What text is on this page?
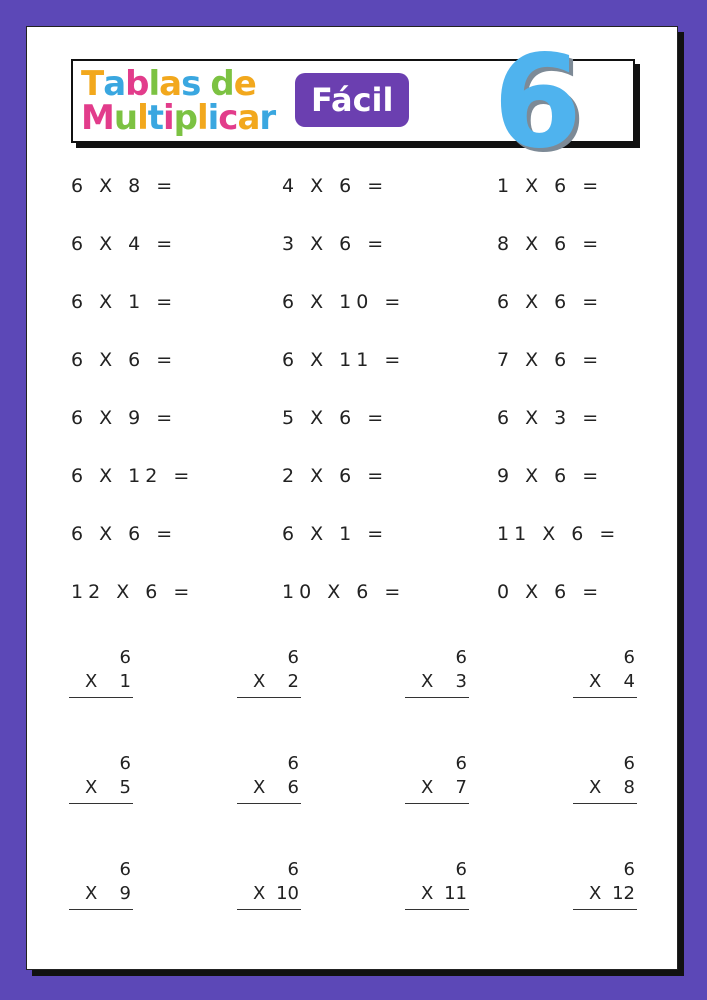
Tablas de
Multiplicar	Fácil 6
6 X 8 =	4 X 6 =	1 X 6 =
6 X 4 =	3 X 6 =	8 X 6 =
6 X 1 =	6 X 10 =	6 X 6 =
6 X 6 =	6 X 11 =	7 X 6 =
6 X 9 =	5 X 6 =	6 X 3 =
6 X 12 =	2 X 6 =	9 X 6 =
6 X 6 =	6 X 1 =	11 X 6 =
12 X 6 =	10 X 6 =	0 X 6 =
6
X 1
6
X 2
6
X 3
6
X 4
6
X 5
6
X 6
6
X 7
6
X 8
6
X 9
6
X 10
6
X 11
6
X 12
